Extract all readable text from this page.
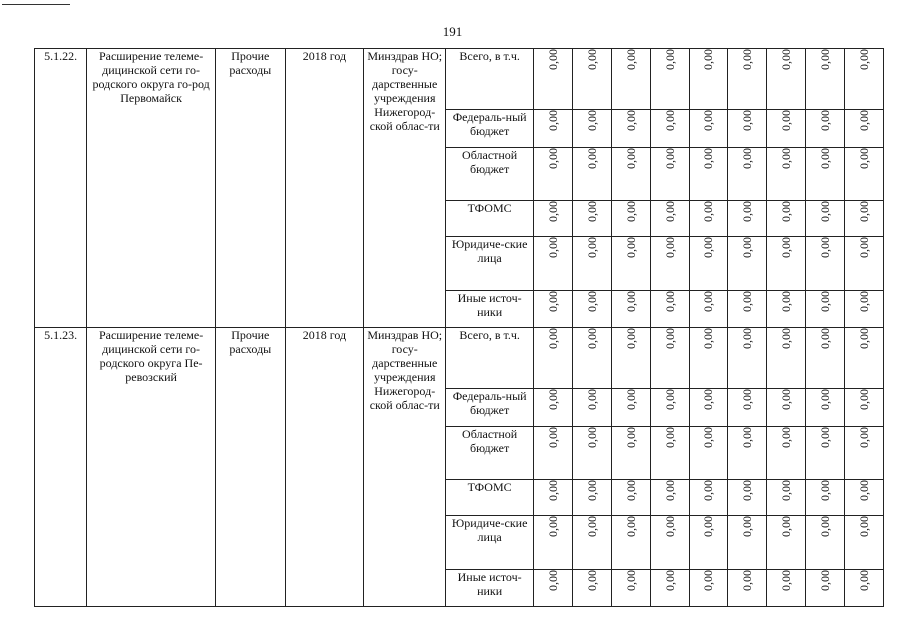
191
5.1.22.	Расширение телеме-дицинской сети го-родского округа го-род Первомайск	Прочие расходы	2018 год	Минздрав НО; госу-дарственные учреждения Нижегород-ской облас-ти	Всего, в т.ч.	0,00	0,00	0,00	0,00	0,00	0,00	0,00	0,00	0,00
					Федераль-ный бюджет	0,00	0,00	0,00	0,00	0,00	0,00	0,00	0,00	0,00
					Областной бюджет	0,00	0,00	0,00	0,00	0,00	0,00	0,00	0,00	0,00
					ТФОМС	0,00	0,00	0,00	0,00	0,00	0,00	0,00	0,00	0,00
					Юридиче-ские лица	0,00	0,00	0,00	0,00	0,00	0,00	0,00	0,00	0,00
					Иные источ-ники	0,00	0,00	0,00	0,00	0,00	0,00	0,00	0,00	0,00
5.1.23.	Расширение телеме-дицинской сети го-родского округа Пе-ревозский	Прочие расходы	2018 год	Минздрав НО; госу-дарственные учреждения Нижегород-ской облас-ти	Всего, в т.ч.	0,00	0,00	0,00	0,00	0,00	0,00	0,00	0,00	0,00
					Федераль-ный бюджет	0,00	0,00	0,00	0,00	0,00	0,00	0,00	0,00	0,00
					Областной бюджет	0,00	0,00	0,00	0,00	0,00	0,00	0,00	0,00	0,00
					ТФОМС	0,00	0,00	0,00	0,00	0,00	0,00	0,00	0,00	0,00
					Юридиче-ские лица	0,00	0,00	0,00	0,00	0,00	0,00	0,00	0,00	0,00
					Иные источ-ники	0,00	0,00	0,00	0,00	0,00	0,00	0,00	0,00	0,00
